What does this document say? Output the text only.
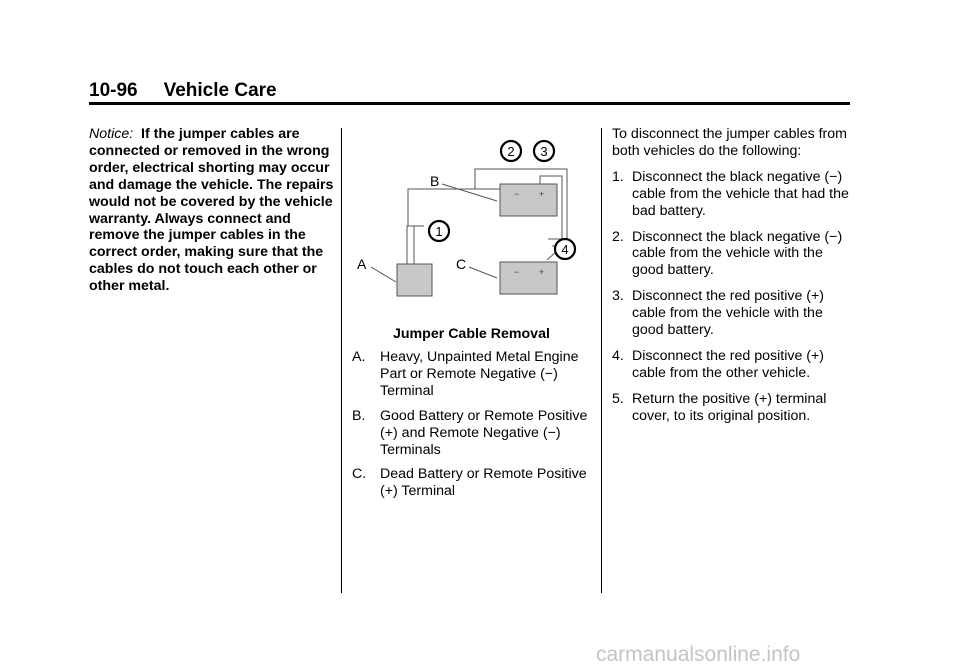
10-96 Vehicle Care

Notice: If the jumper cables are connected or removed in the wrong order, electrical shorting may occur and damage the vehicle. The repairs would not be covered by the vehicle warranty. Always connect and remove the jumper cables in the correct order, making sure that the cables do not touch each other or other metal.

− +
− +
A
B
C
1
2 3
4
Jumper Cable Removal
A. Heavy, Unpainted Metal Engine Part or Remote Negative (−) Terminal
B. Good Battery or Remote Positive (+) and Remote Negative (−) Terminals
C. Dead Battery or Remote Positive (+) Terminal

To disconnect the jumper cables from both vehicles do the following:

1. Disconnect the black negative (−) cable from the vehicle that had the bad battery.
2. Disconnect the black negative (−) cable from the vehicle with the good battery.
3. Disconnect the red positive (+) cable from the vehicle with the good battery.
4. Disconnect the red positive (+) cable from the other vehicle.
5. Return the positive (+) terminal cover, to its original position.
carmanualsonline.info
